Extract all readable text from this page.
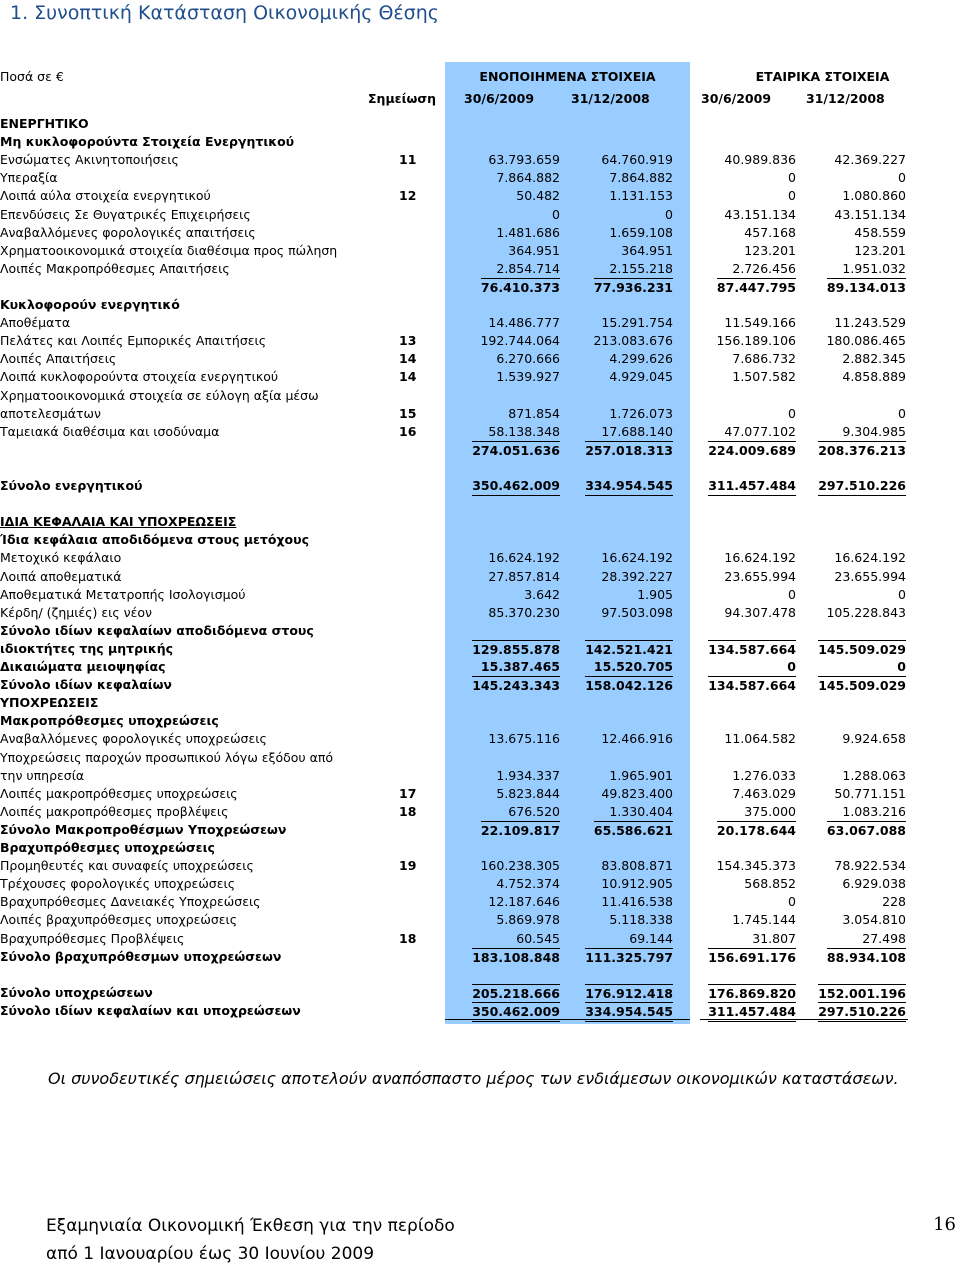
1. Συνοπτική Κατάσταση Οικονομικής Θέσης
Ποσά σε €	ΕΝΟΠΟΙΗΜΕΝΑ ΣΤΟΙΧΕΙΑ	ΕΤΑΙΡΙΚΑ ΣΤΟΙΧΕΙΑ
Σημείωση 30/6/2009	31/12/2008	30/6/2009	31/12/2008
ΕΝΕΡΓΗΤΙΚΟ
Μη κυκλοφορούντα Στοιχεία Ενεργητικού
Ενσώματες Ακινητοποιήσεις	11	63.793.659	64.760.919	40.989.836	42.369.227
Υπεραξία	7.864.882	7.864.882	0	0
Λοιπά αύλα στοιχεία ενεργητικού	12	50.482	1.131.153	0	1.080.860
Επενδύσεις Σε Θυγατρικές Επιχειρήσεις	0	0	43.151.134	43.151.134
Αναβαλλόμενες φορολογικές απαιτήσεις	1.481.686	1.659.108	457.168	458.559
Χρηματοοικονομικά στοιχεία διαθέσιμα προς πώληση	364.951	364.951	123.201	123.201
Λοιπές Μακροπρόθεσμες Απαιτήσεις	2.854.714	2.155.218	2.726.456	1.951.032
76.410.373	77.936.231	87.447.795 89.134.013
Κυκλοφορούν ενεργητικό
Αποθέματα	14.486.777	15.291.754	11.549.166	11.243.529
Πελάτες και Λοιπές Εμπορικές Απαιτήσεις	13	192.744.064	213.083.676	156.189.106 180.086.465
Λοιπές Απαιτήσεις	14	6.270.666	4.299.626	7.686.732	2.882.345
Λοιπά κυκλοφορούντα στοιχεία ενεργητικού	14	1.539.927	4.929.045	1.507.582	4.858.889
Χρηματοοικονομικά στοιχεία σε εύλογη αξία μέσω
αποτελεσμάτων	15	871.854	1.726.073	0	0
Ταμειακά διαθέσιμα και ισοδύναμα	16	58.138.348	17.688.140	47.077.102	9.304.985
274.051.636 257.018.313	224.009.689 208.376.213
Σύνολο ενεργητικού	350.462.009 334.954.545	311.457.484 297.510.226
ΙΔΙΑ ΚΕΦΑΛΑΙΑ ΚΑΙ ΥΠΟΧΡΕΩΣΕΙΣ
Ίδια κεφάλαια αποδιδόμενα στους μετόχους
Μετοχικό κεφάλαιο	16.624.192	16.624.192	16.624.192	16.624.192
Λοιπά αποθεματικά	27.857.814	28.392.227	23.655.994	23.655.994
Αποθεματικά Μετατροπής Ισολογισμού	3.642	1.905	0	0
Κέρδη/ (ζημιές) εις νέον	85.370.230	97.503.098	94.307.478 105.228.843
Σύνολο ιδίων κεφαλαίων αποδιδόμενα στους
ιδιοκτήτες της μητρικής	129.855.878 142.521.421	134.587.664 145.509.029
Δικαιώματα μειοψηφίας	15.387.465	15.520.705	0	0
Σύνολο ιδίων κεφαλαίων	145.243.343 158.042.126	134.587.664 145.509.029
ΥΠΟΧΡΕΩΣΕΙΣ
Μακροπρόθεσμες υποχρεώσεις
Αναβαλλόμενες φορολογικές υποχρεώσεις	13.675.116	12.466.916	11.064.582	9.924.658
Υποχρεώσεις παροχών προσωπικού λόγω εξόδου από
την υπηρεσία	1.934.337	1.965.901	1.276.033	1.288.063
Λοιπές μακροπρόθεσμες υποχρεώσεις	17	5.823.844	49.823.400	7.463.029	50.771.151
Λοιπές μακροπρόθεσμες προβλέψεις	18	676.520	1.330.404	375.000	1.083.216
Σύνολο Μακροπροθέσμων Υποχρεώσεων	22.109.817	65.586.621	20.178.644 63.067.088
Βραχυπρόθεσμες υποχρεώσεις
Προμηθευτές και συναφείς υποχρεώσεις	19	160.238.305	83.808.871	154.345.373	78.922.534
Τρέχουσες φορολογικές υποχρεώσεις	4.752.374	10.912.905	568.852	6.929.038
Βραχυπρόθεσμες Δανειακές Υποχρεώσεις	12.187.646	11.416.538	0	228
Λοιπές βραχυπρόθεσμες υποχρεώσεις	5.869.978	5.118.338	1.745.144	3.054.810
Βραχυπρόθεσμες Προβλέψεις	18	60.545	69.144	31.807	27.498
Σύνολο βραχυπρόθεσμων υποχρεώσεων	183.108.848 111.325.797	156.691.176 88.934.108
Σύνολο υποχρεώσεων	205.218.666 176.912.418	176.869.820 152.001.196
Σύνολο ιδίων κεφαλαίων και υποχρεώσεων	350.462.009 334.954.545	311.457.484 297.510.226
Οι συνοδευτικές σημειώσεις αποτελούν αναπόσπαστο μέρος των ενδιάμεσων οικονομικών καταστάσεων.
Εξαμηνιαία Οικονομική Έκθεση για την περίοδο
από 1 Ιανουαρίου έως 30 Ιουνίου 2009
16
